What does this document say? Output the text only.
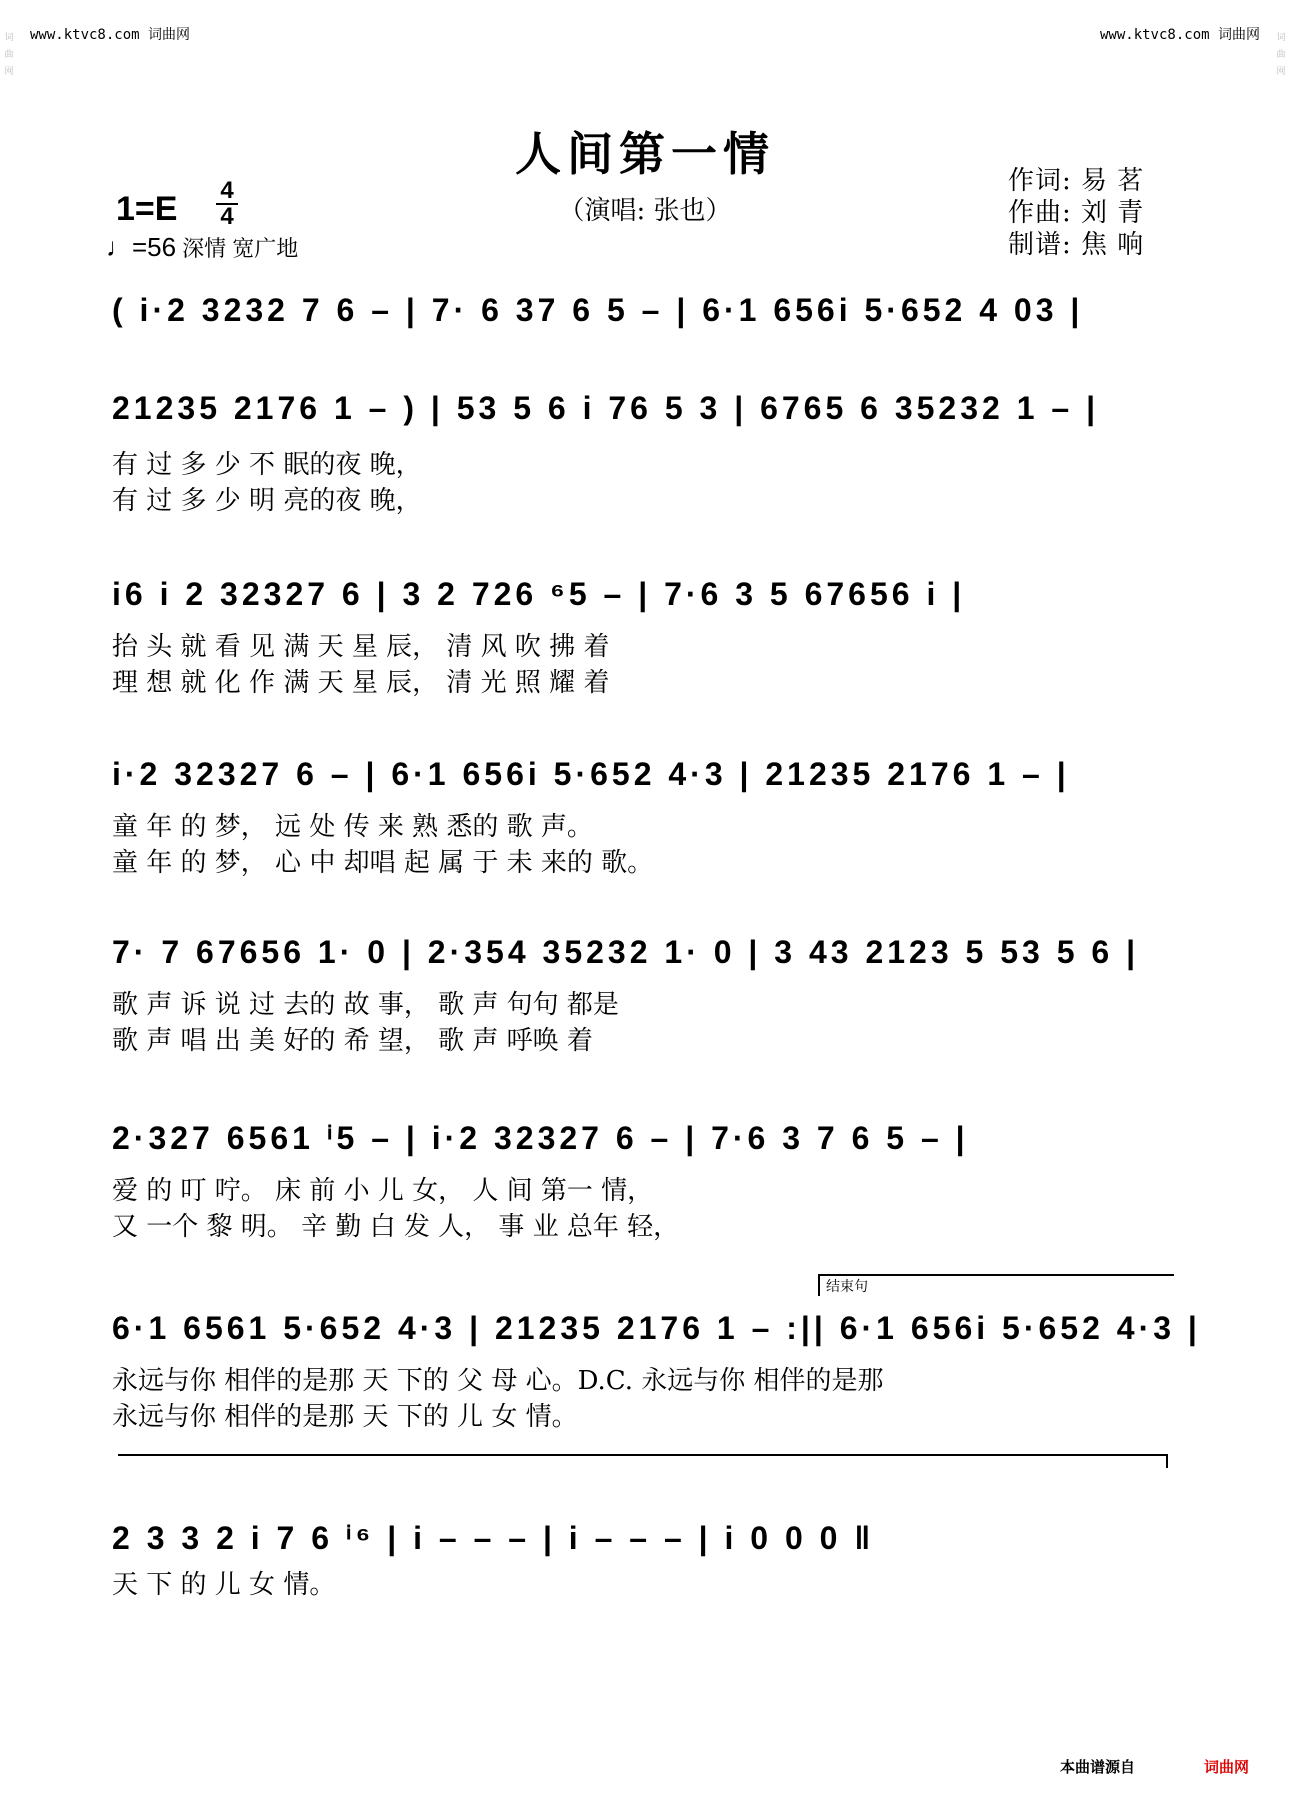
www.ktvc8.com 词曲网	www.ktvc8.com 词曲网
词曲网
词曲网
人间第一情
（演唱: 张也）
作词: 易 茗
作曲: 刘 青
制谱: 焦 响
1=E 4
4
♩=56 深情 宽广地
( i·2 3232 7 6 – | 7· 6 37 6 5 – | 6·1 656i 5·652 4 03 |
21235 2176 1 – ) | 53 5 6 i 76 5 3 | 6765 6 35232 1 – |
有 过 多 少 不 眠的夜 晚，
有 过 多 少 明 亮的夜 晚，
i6 i 2 32327 6 | 3 2 726 ⁶5 – | 7·6 3 5 67656 i |
抬 头 就 看 见 满 天 星 辰， 清 风 吹 拂 着
理 想 就 化 作 满 天 星 辰， 清 光 照 耀 着
i·2 32327 6 – | 6·1 656i 5·652 4·3 | 21235 2176 1 – |
童 年 的 梦， 远 处 传 来 熟 悉的 歌 声。
童 年 的 梦， 心 中 却唱 起 属 于 未 来的 歌。
7· 7 67656 1· 0 | 2·354 35232 1· 0 | 3 43 2123 5 53 5 6 |
歌 声 诉 说 过 去的 故 事， 歌 声 句句 都是
歌 声 唱 出 美 好的 希 望， 歌 声 呼唤 着
2·327 6561 ⁱ5 – | i·2 32327 6 – | 7·6 3 7 6 5 – |
爱 的 叮 咛。 床 前 小 儿 女， 人 间 第一 情，
又 一个 黎 明。 辛 勤 白 发 人， 事 业 总年 轻，
结束句
6·1 6561 5·652 4·3 | 21235 2176 1 – :|| 6·1 656i 5·652 4·3 |
永远与你 相伴的是那 天 下的 父 母 心。D.C. 永远与你 相伴的是那
永远与你 相伴的是那 天 下的 儿 女 情。
2 3 3 2 i 7 6 ⁱ⁶ | i – – – | i – – – | i 0 0 0 ‖
天 下 的 儿 女 情。
本曲谱源自	词曲网
